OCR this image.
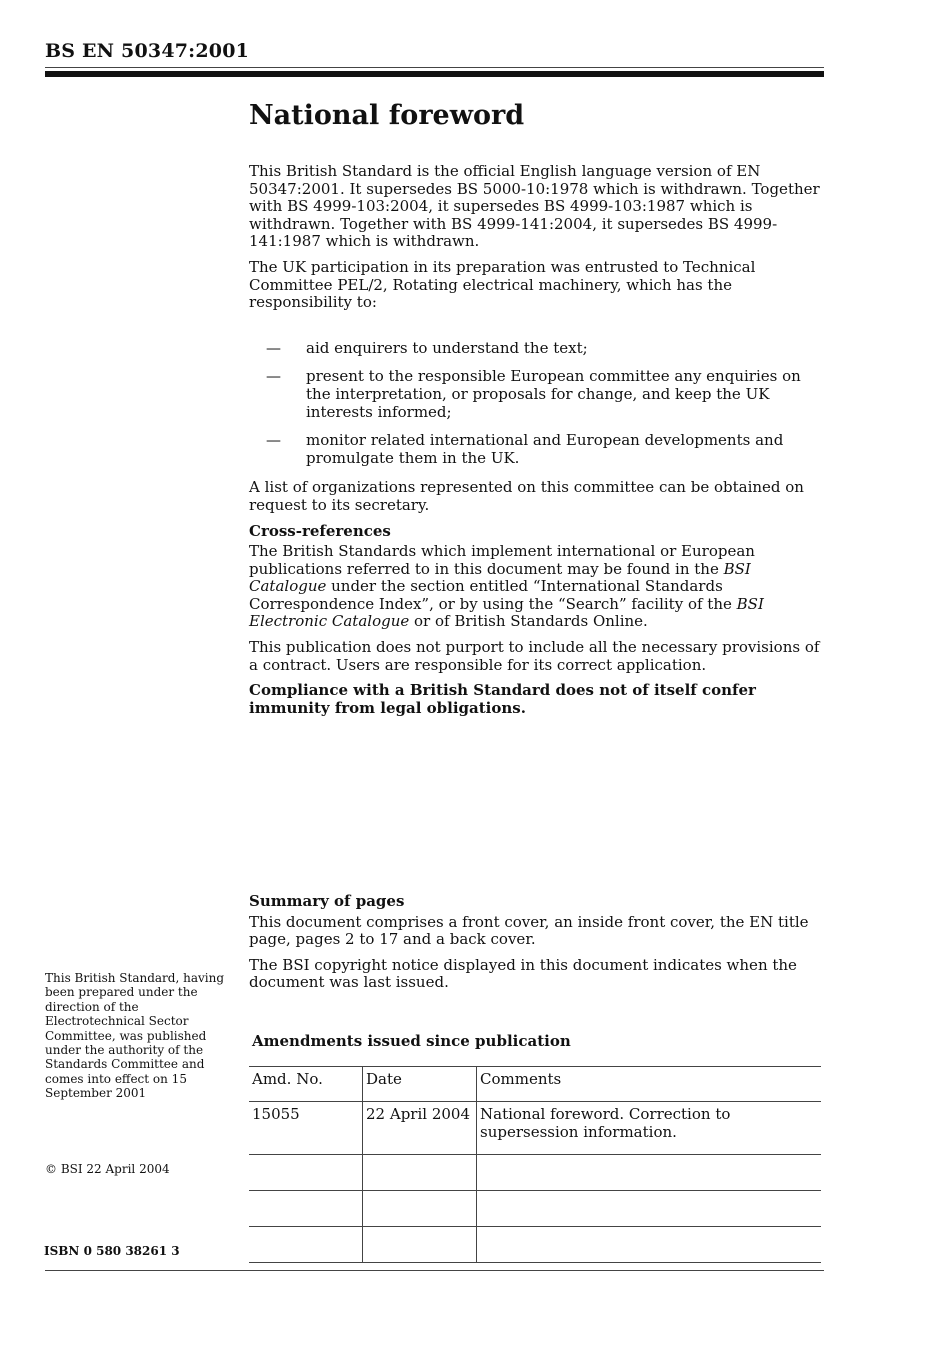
BS EN 50347:2001
National foreword

This British Standard is the official English language version of EN 50347:2001. It supersedes BS 5000-10:1978 which is withdrawn. Together with BS 4999-103:2004, it supersedes BS 4999-103:1987 which is withdrawn. Together with BS 4999-141:2004, it supersedes BS 4999-141:1987 which is withdrawn.

The UK participation in its preparation was entrusted to Technical Committee PEL/2, Rotating electrical machinery, which has the responsibility to:

— aid enquirers to understand the text;
— present to the responsible European committee any enquiries on the interpretation, or proposals for change, and keep the UK interests informed;
— monitor related international and European developments and promulgate them in the UK.

A list of organizations represented on this committee can be obtained on request to its secretary.

Cross-references

The British Standards which implement international or European publications referred to in this document may be found in the BSI Catalogue under the section entitled “International Standards Correspondence Index”, or by using the “Search” facility of the BSI Electronic Catalogue or of British Standards Online.

This publication does not purport to include all the necessary provisions of a contract. Users are responsible for its correct application.

Compliance with a British Standard does not of itself confer immunity from legal obligations.

Summary of pages

This document comprises a front cover, an inside front cover, the EN title page, pages 2 to 17 and a back cover.

The BSI copyright notice displayed in this document indicates when the document was last issued.

This British Standard, having been prepared under the direction of the Electrotechnical Sector Committee, was published under the authority of the Standards Committee and comes into effect on 15 September 2001
© BSI 22 April 2004
ISBN 0 580 38261 3
Amendments issued since publication
Amd. No.	Date	Comments
15055	22 April 2004	National foreword. Correction to supersession information.
